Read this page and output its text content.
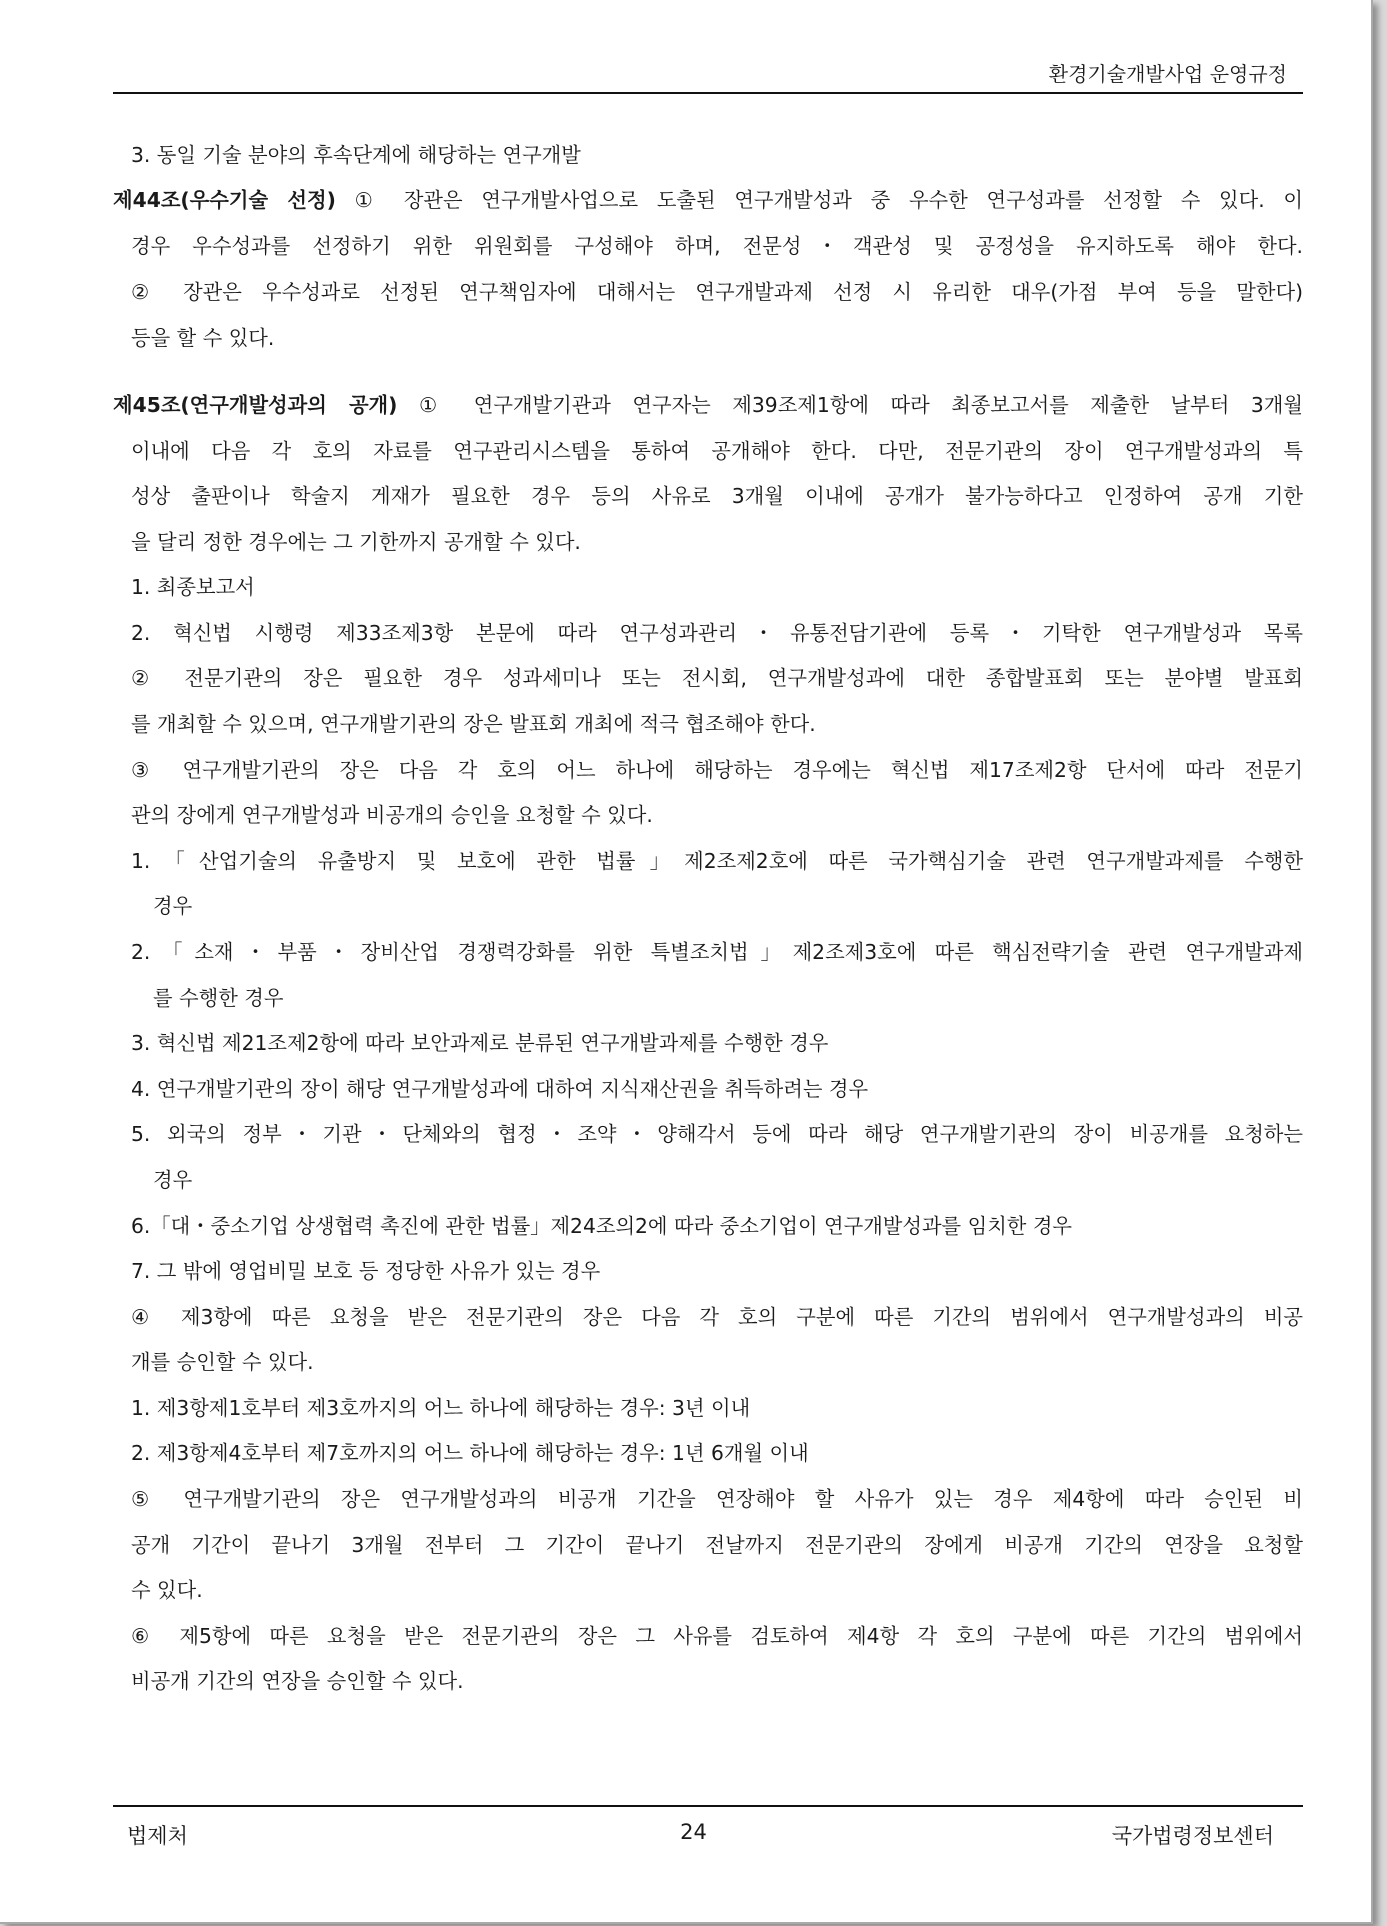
환경기술개발사업 운영규정
3. 동일 기술 분야의 후속단계에 해당하는 연구개발
제44조(우수기술 선정) ① 장관은 연구개발사업으로 도출된 연구개발성과 중 우수한 연구성과를 선정할 수 있다. 이
경우 우수성과를 선정하기 위한 위원회를 구성해야 하며, 전문성・객관성 및 공정성을 유지하도록 해야 한다.
② 장관은 우수성과로 선정된 연구책임자에 대해서는 연구개발과제 선정 시 유리한 대우(가점 부여 등을 말한다)
등을 할 수 있다.
제45조(연구개발성과의 공개) ① 연구개발기관과 연구자는 제39조제1항에 따라 최종보고서를 제출한 날부터 3개월
이내에 다음 각 호의 자료를 연구관리시스템을 통하여 공개해야 한다. 다만, 전문기관의 장이 연구개발성과의 특
성상 출판이나 학술지 게재가 필요한 경우 등의 사유로 3개월 이내에 공개가 불가능하다고 인정하여 공개 기한
을 달리 정한 경우에는 그 기한까지 공개할 수 있다.
1. 최종보고서
2. 혁신법 시행령 제33조제3항 본문에 따라 연구성과관리・유통전담기관에 등록・기탁한 연구개발성과 목록
② 전문기관의 장은 필요한 경우 성과세미나 또는 전시회, 연구개발성과에 대한 종합발표회 또는 분야별 발표회
를 개최할 수 있으며, 연구개발기관의 장은 발표회 개최에 적극 협조해야 한다.
③ 연구개발기관의 장은 다음 각 호의 어느 하나에 해당하는 경우에는 혁신법 제17조제2항 단서에 따라 전문기
관의 장에게 연구개발성과 비공개의 승인을 요청할 수 있다.
1.「산업기술의 유출방지 및 보호에 관한 법률」제2조제2호에 따른 국가핵심기술 관련 연구개발과제를 수행한
경우
2.「소재・부품・장비산업 경쟁력강화를 위한 특별조치법」제2조제3호에 따른 핵심전략기술 관련 연구개발과제
를 수행한 경우
3. 혁신법 제21조제2항에 따라 보안과제로 분류된 연구개발과제를 수행한 경우
4. 연구개발기관의 장이 해당 연구개발성과에 대하여 지식재산권을 취득하려는 경우
5. 외국의 정부・기관・단체와의 협정・조약・양해각서 등에 따라 해당 연구개발기관의 장이 비공개를 요청하는
경우
6.「대・중소기업 상생협력 촉진에 관한 법률」제24조의2에 따라 중소기업이 연구개발성과를 임치한 경우
7. 그 밖에 영업비밀 보호 등 정당한 사유가 있는 경우
④ 제3항에 따른 요청을 받은 전문기관의 장은 다음 각 호의 구분에 따른 기간의 범위에서 연구개발성과의 비공
개를 승인할 수 있다.
1. 제3항제1호부터 제3호까지의 어느 하나에 해당하는 경우: 3년 이내
2. 제3항제4호부터 제7호까지의 어느 하나에 해당하는 경우: 1년 6개월 이내
⑤ 연구개발기관의 장은 연구개발성과의 비공개 기간을 연장해야 할 사유가 있는 경우 제4항에 따라 승인된 비
공개 기간이 끝나기 3개월 전부터 그 기간이 끝나기 전날까지 전문기관의 장에게 비공개 기간의 연장을 요청할
수 있다.
⑥ 제5항에 따른 요청을 받은 전문기관의 장은 그 사유를 검토하여 제4항 각 호의 구분에 따른 기간의 범위에서
비공개 기간의 연장을 승인할 수 있다.
법제처	24	국가법령정보센터
